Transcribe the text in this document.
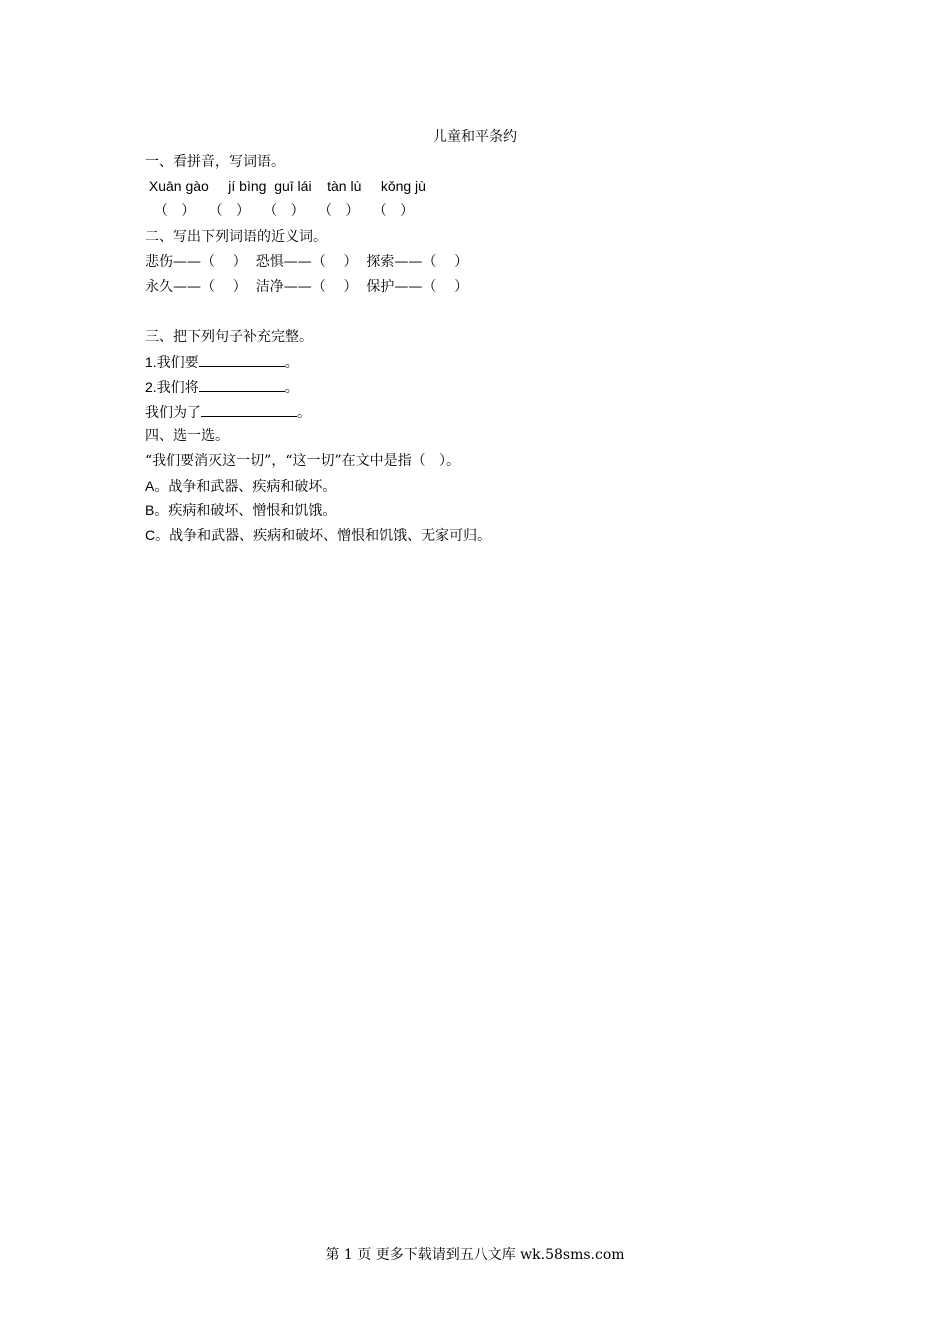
儿童和平条约
一、看拼音，写词语。
Xuān gào     jí bìng  guī lái    tàn lù     kǒng jù
（   ）   （   ）   （   ）   （   ）   （   ）
二、写出下列词语的近义词。
悲伤——（    ）  恐惧——（    ）  探索——（    ）
永久——（    ）  洁净——（    ）  保护——（    ）
三、把下列句子补充完整。
1.我们要	。
2.我们将	。
我们为了	。
四、选一选。
“我们要消灭这一切”，“这一切”在文中是指（   ）。
A。战争和武器、疾病和破坏。
B。疾病和破坏、憎恨和饥饿。
C。战争和武器、疾病和破坏、憎恨和饥饿、无家可归。
第 1 页 更多下载请到五八文库 wk.58sms.com
